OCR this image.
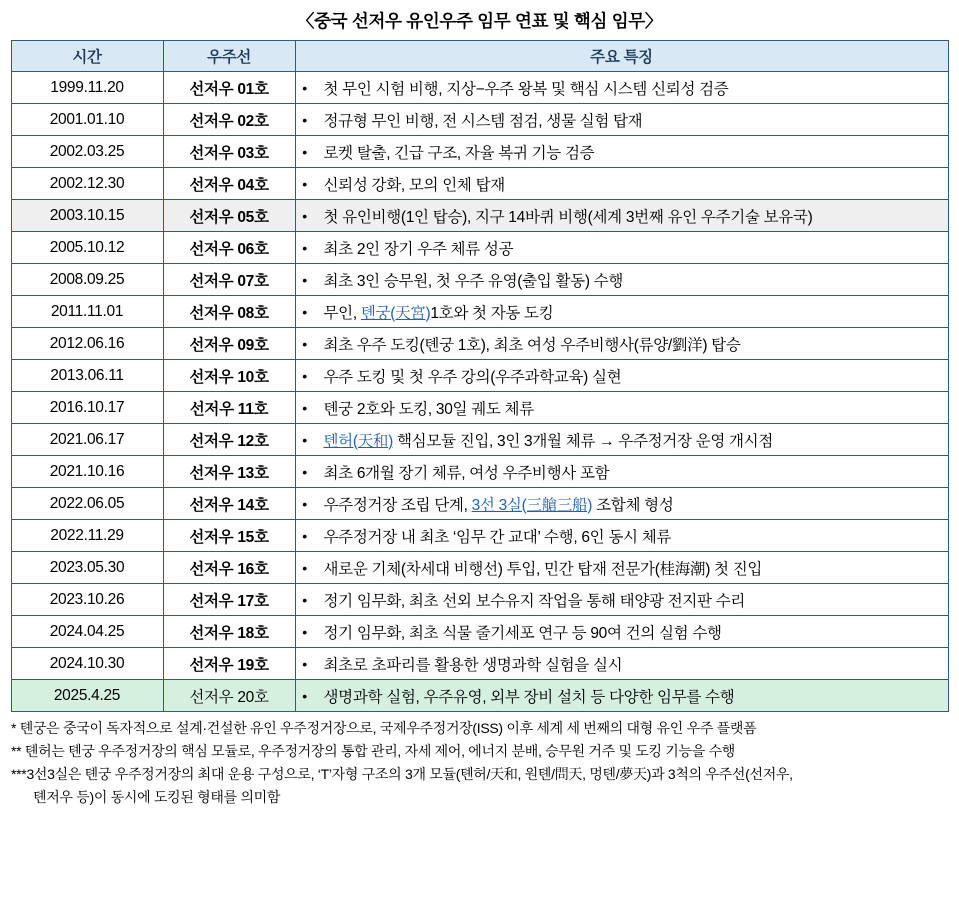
〈중국 선저우 유인우주 임무 연표 및 핵심 임무〉
시간	우주선	주요 특징
1999.11.20	선저우 01호	• 첫 무인 시험 비행, 지상−우주 왕복 및 핵심 시스템 신뢰성 검증

2001.01.10	선저우 02호	• 정규형 무인 비행, 전 시스템 점검, 생물 실험 탑재

2002.03.25	선저우 03호	• 로켓 탈출, 긴급 구조, 자율 복귀 기능 검증

2002.12.30	선저우 04호	• 신뢰성 강화, 모의 인체 탑재

2003.10.15	선저우 05호	• 첫 유인비행(1인 탑승), 지구 14바퀴 비행(세계 3번째 유인 우주기술 보유국)

2005.10.12	선저우 06호	• 최초 2인 장기 우주 체류 성공

2008.09.25	선저우 07호	• 최초 3인 승무원, 첫 우주 유영(출입 활동) 수행

2011.11.01	선저우 08호	• 무인, 톈궁(天宮)1호와 첫 자동 도킹

2012.06.16	선저우 09호	• 최초 우주 도킹(톈궁 1호), 최초 여성 우주비행사(류양/劉洋) 탑승

2013.06.11	선저우 10호	• 우주 도킹 및 첫 우주 강의(우주과학교육) 실현

2016.10.17	선저우 11호	• 톈궁 2호와 도킹, 30일 궤도 체류

2021.06.17	선저우 12호	• 톈허(天和) 핵심모듈 진입, 3인 3개월 체류 → 우주정거장 운영 개시점

2021.10.16	선저우 13호	• 최초 6개월 장기 체류, 여성 우주비행사 포함

2022.06.05	선저우 14호	• 우주정거장 조립 단계, 3선 3실(三艙三船) 조합체 형성

2022.11.29	선저우 15호	• 우주정거장 내 최초 ‘임무 간 교대’ 수행, 6인 동시 체류

2023.05.30	선저우 16호	• 새로운 기체(차세대 비행선) 투입, 민간 탑재 전문가(桂海潮) 첫 진입

2023.10.26	선저우 17호	• 정기 임무화, 최초 선외 보수유지 작업을 통해 태양광 전지판 수리

2024.04.25	선저우 18호	• 정기 임무화, 최초 식물 줄기세포 연구 등 90여 건의 실험 수행

2024.10.30	선저우 19호	• 최초로 초파리를 활용한 생명과학 실험을 실시

2025.4.25	선저우 20호	• 생명과학 실험, 우주유영, 외부 장비 설치 등 다양한 임무를 수행
* 톈궁은 중국이 독자적으로 설계·건설한 유인 우주정거장으로, 국제우주정거장(ISS) 이후 세계 세 번째의 대형 유인 우주 플랫폼
** 톈허는 톈궁 우주정거장의 핵심 모듈로, 우주정거장의 통합 관리, 자세 제어, 에너지 분배, 승무원 거주 및 도킹 기능을 수행
***3선3실은 톈궁 우주정거장의 최대 운용 구성으로, ‘T’자형 구조의 3개 모듈(톈허/天和, 원톈/問天, 멍톈/夢天)과 3척의 우주선(선저우,
톈저우 등)이 동시에 도킹된 형태를 의미함
